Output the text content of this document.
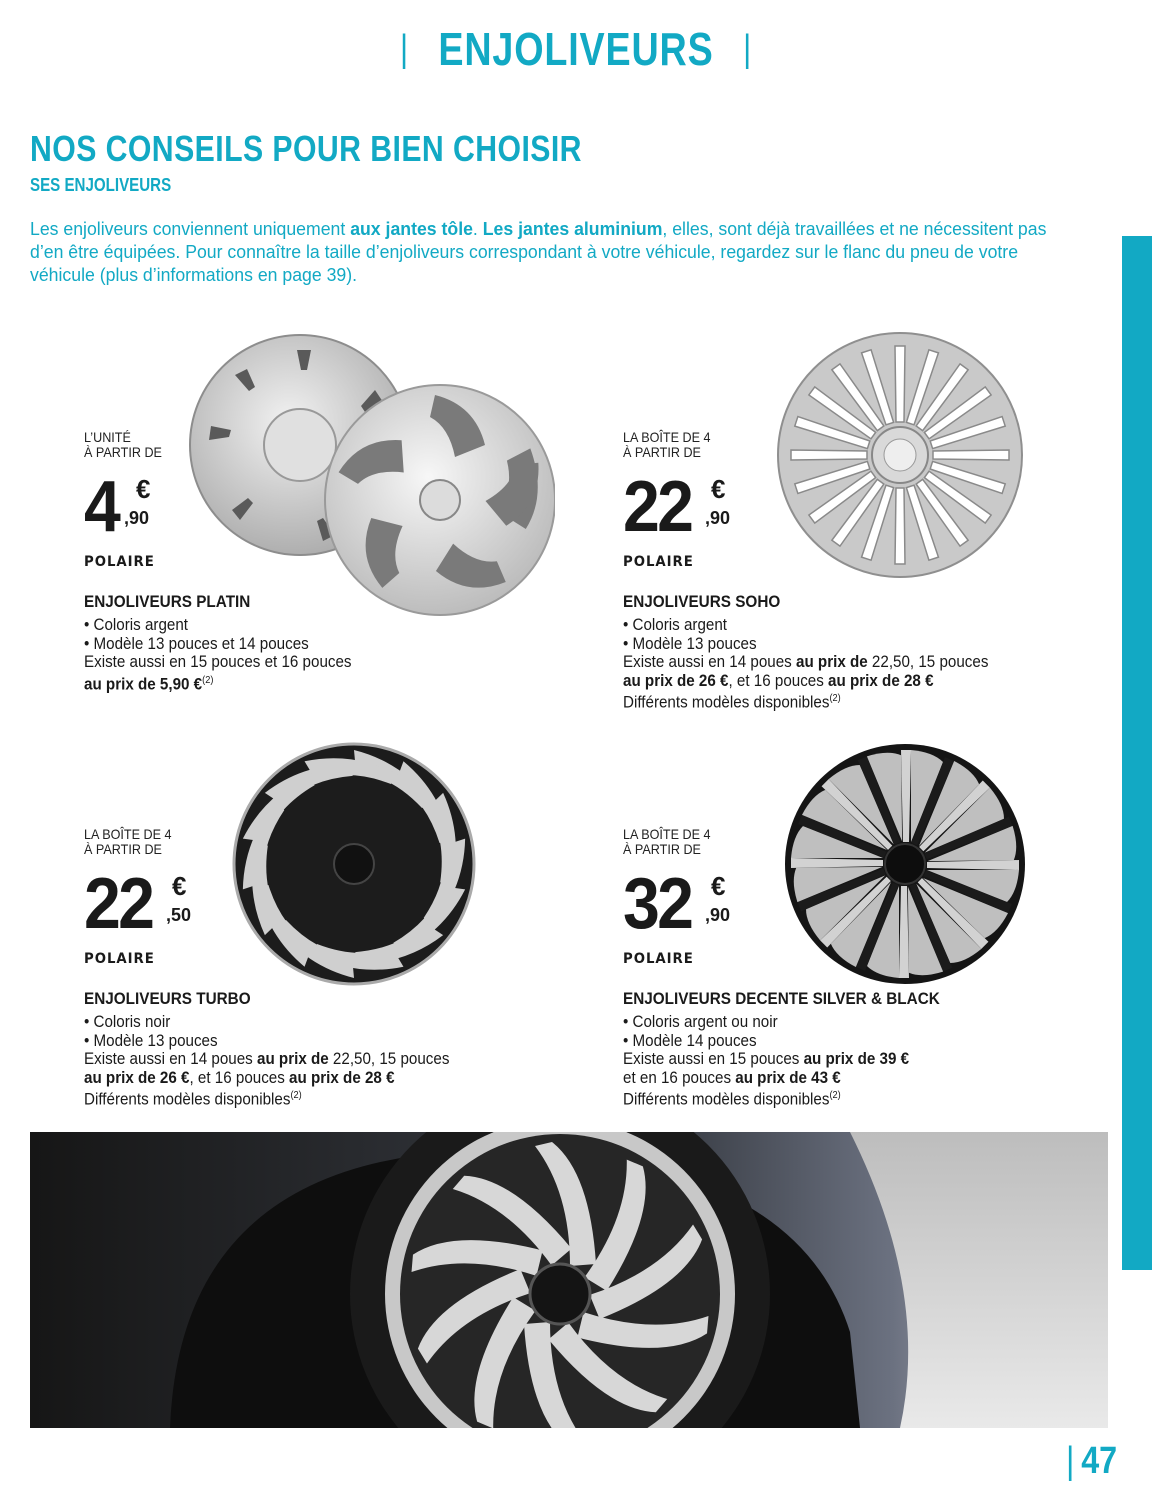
| ENJOLIVEURS |
NOS CONSEILS POUR BIEN CHOISIR
SES ENJOLIVEURS
Les enjoliveurs conviennent uniquement aux jantes tôle. Les jantes aluminium, elles, sont déjà travaillées et ne nécessitent pas d’en être équipées. Pour connaître la taille d’enjoliveurs correspondant à votre véhicule, regardez sur le flanc du pneu de votre véhicule (plus d’informations en page 39).
L’UNITÉ
À PARTIR DE
4 €
,90
POLAIRE
ENJOLIVEURS PLATIN
• Coloris argent
• Modèle 13 pouces et 14 pouces
Existe aussi en 15 pouces et 16 pouces
au prix de 5,90 €$^{(2)}$
LA BOÎTE DE 4
À PARTIR DE
22 €
,90
POLAIRE
ENJOLIVEURS SOHO
• Coloris argent
• Modèle 13 pouces
Existe aussi en 14 poues au prix de 22,50, 15 pouces
au prix de 26 €, et 16 pouces au prix de 28 €
Différents modèles disponibles$^{(2)}$
LA BOÎTE DE 4
À PARTIR DE
22 €
,50
POLAIRE
ENJOLIVEURS TURBO
• Coloris noir
• Modèle 13 pouces
Existe aussi en 14 poues au prix de 22,50, 15 pouces
au prix de 26 €, et 16 pouces au prix de 28 €
Différents modèles disponibles$^{(2)}$
LA BOÎTE DE 4
À PARTIR DE
32 €
,90
POLAIRE
ENJOLIVEURS DECENTE SILVER & BLACK
• Coloris argent ou noir
• Modèle 14 pouces
Existe aussi en 15 pouces au prix de 39 €
et en 16 pouces au prix de 43 €
Différents modèles disponibles$^{(2)}$
| 47
